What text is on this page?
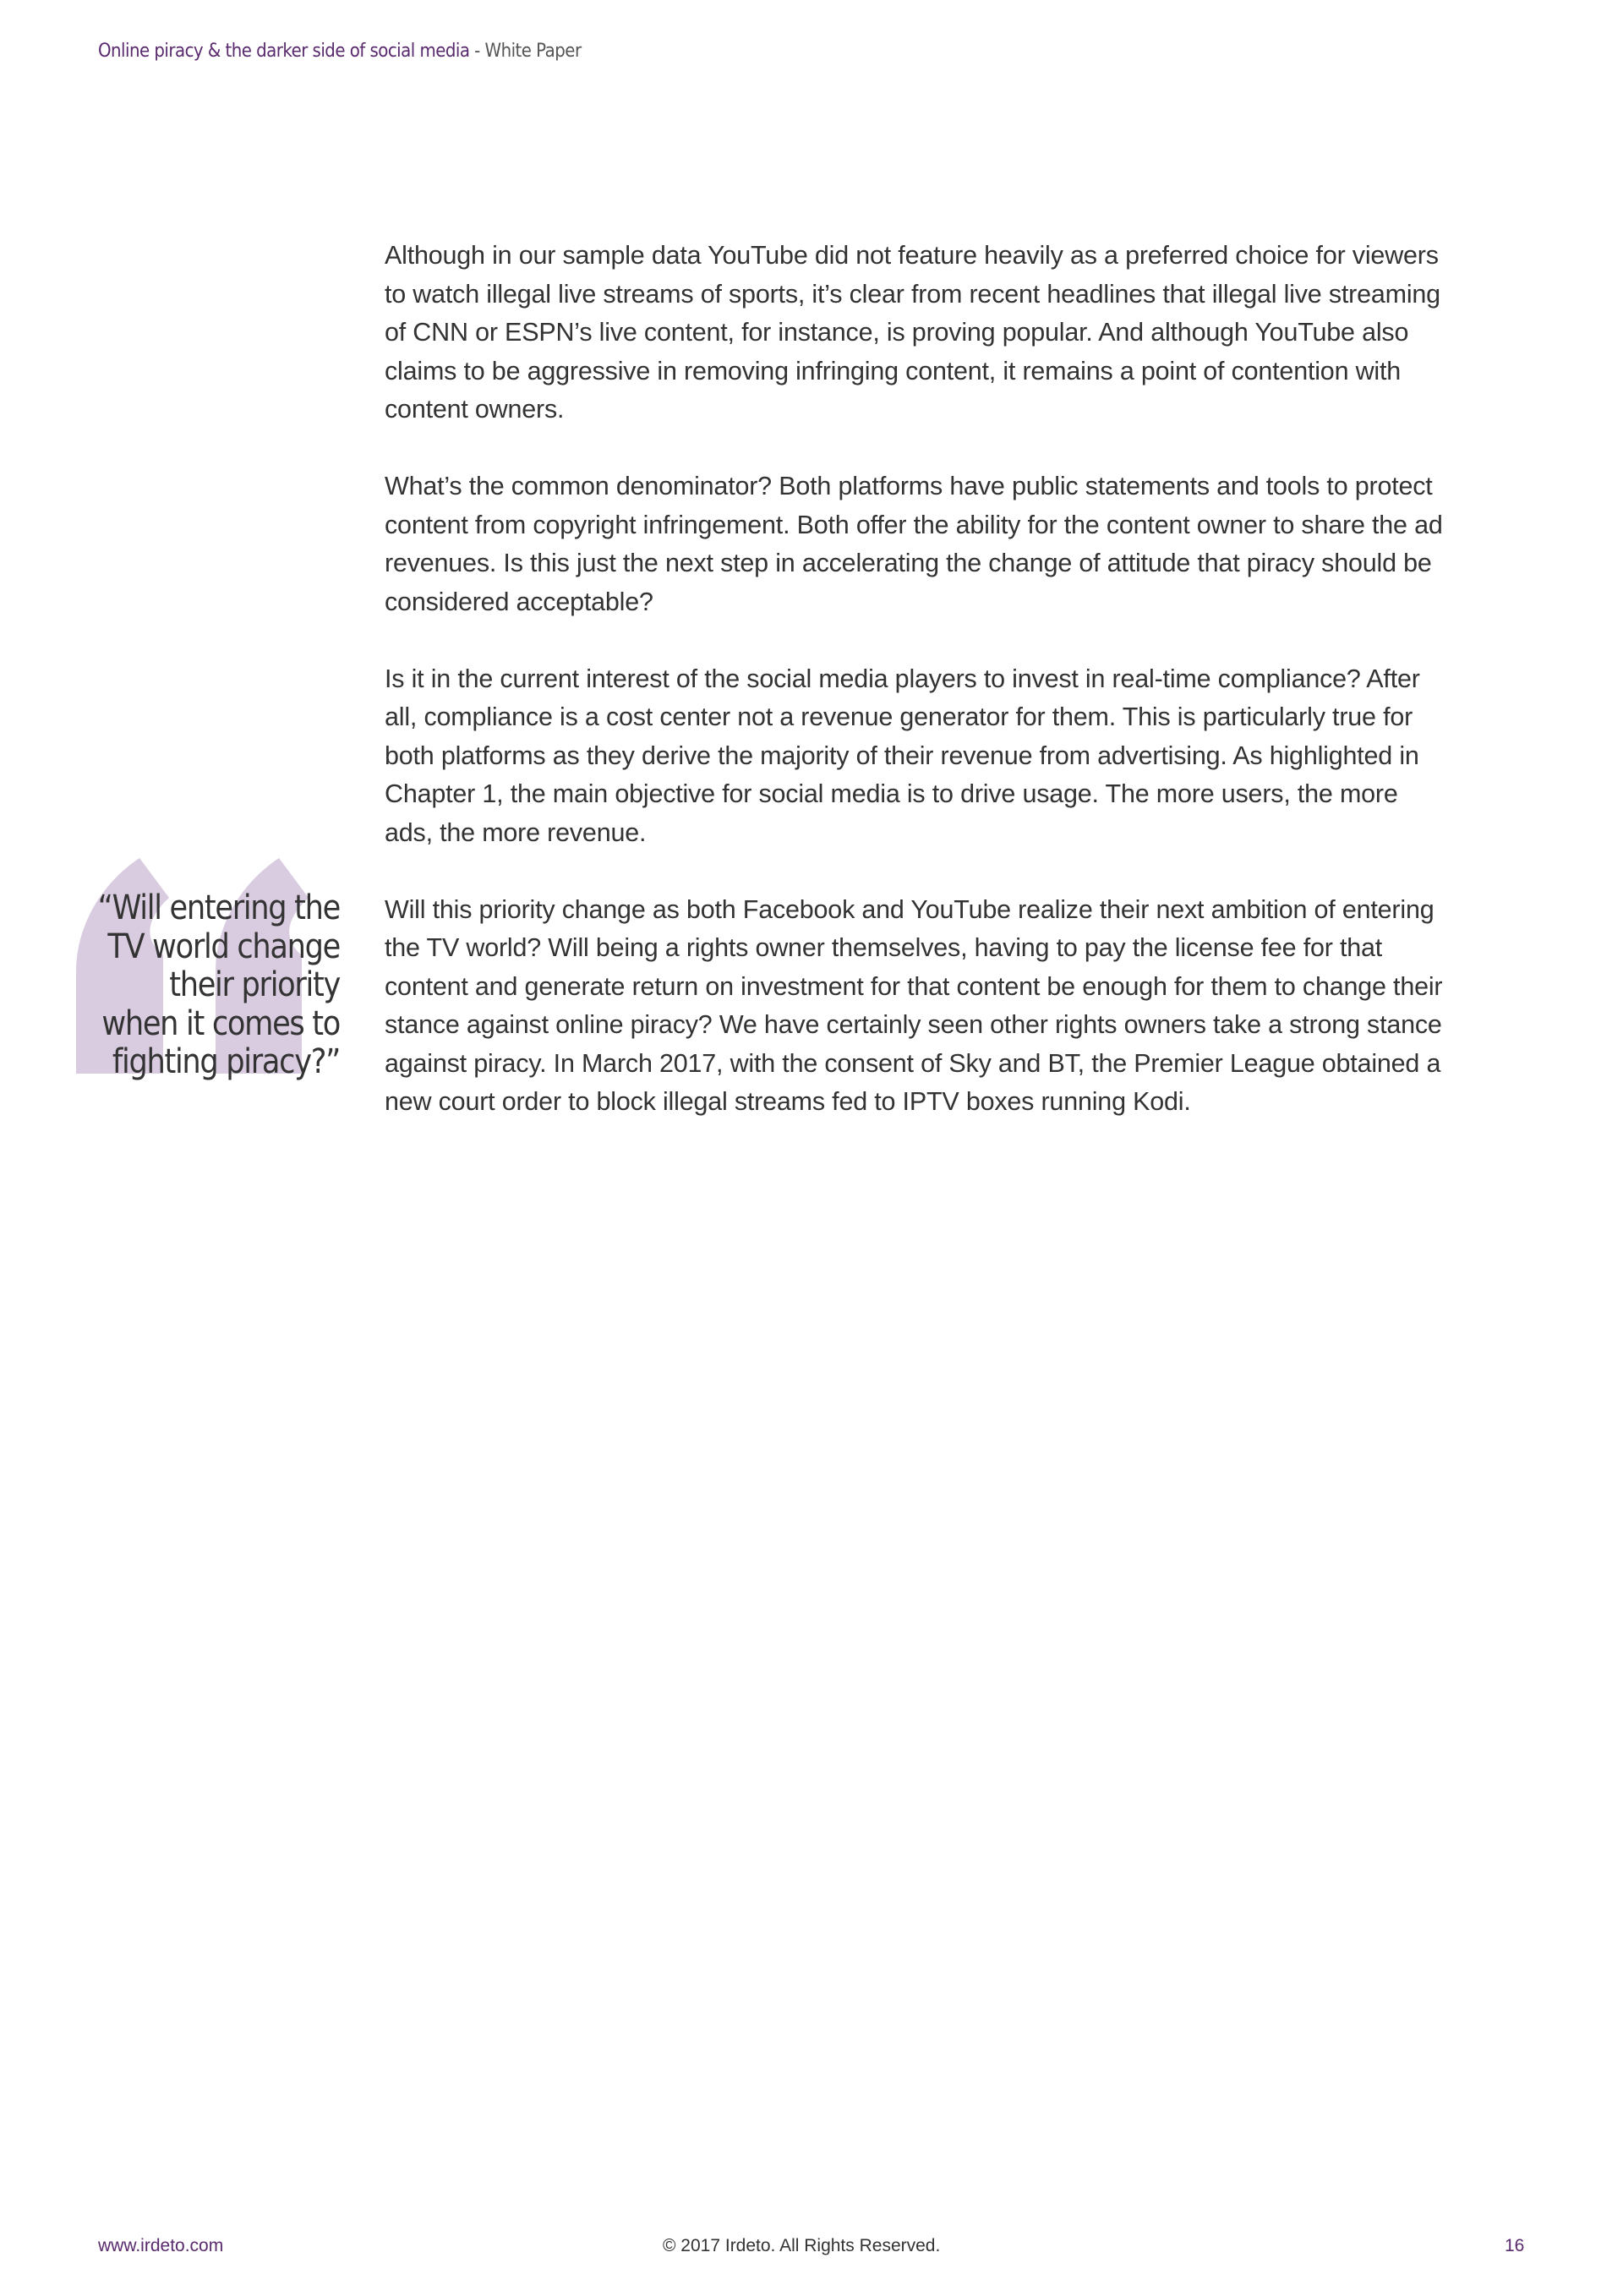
Online piracy & the darker side of social media - White Paper

Although in our sample data YouTube did not feature heavily as a preferred choice for viewers

to watch illegal live streams of sports, it’s clear from recent headlines that illegal live streaming

of CNN or ESPN’s live content, for instance, is proving popular. And although YouTube also

claims to be aggressive in removing infringing content, it remains a point of contention with

content owners.

What’s the common denominator? Both platforms have public statements and tools to protect

content from copyright infringement. Both offer the ability for the content owner to share the ad

revenues. Is this just the next step in accelerating the change of attitude that piracy should be

considered acceptable?

Is it in the current interest of the social media players to invest in real-time compliance? After

all, compliance is a cost center not a revenue generator for them. This is particularly true for

both platforms as they derive the majority of their revenue from advertising. As highlighted in

Chapter 1, the main objective for social media is to drive usage. The more users, the more

ads, the more revenue.

Will this priority change as both Facebook and YouTube realize their next ambition of entering

the TV world? Will being a rights owner themselves, having to pay the license fee for that

content and generate return on investment for that content be enough for them to change their

stance against online piracy? We have certainly seen other rights owners take a strong stance

against piracy. In March 2017, with the consent of Sky and BT, the Premier League obtained a

new court order to block illegal streams fed to IPTV boxes running Kodi.

“Will entering the
TV world change
their priority
when it comes to
fighting piracy?”
www.irdeto.com	© 2017 Irdeto. All Rights Reserved.	16
